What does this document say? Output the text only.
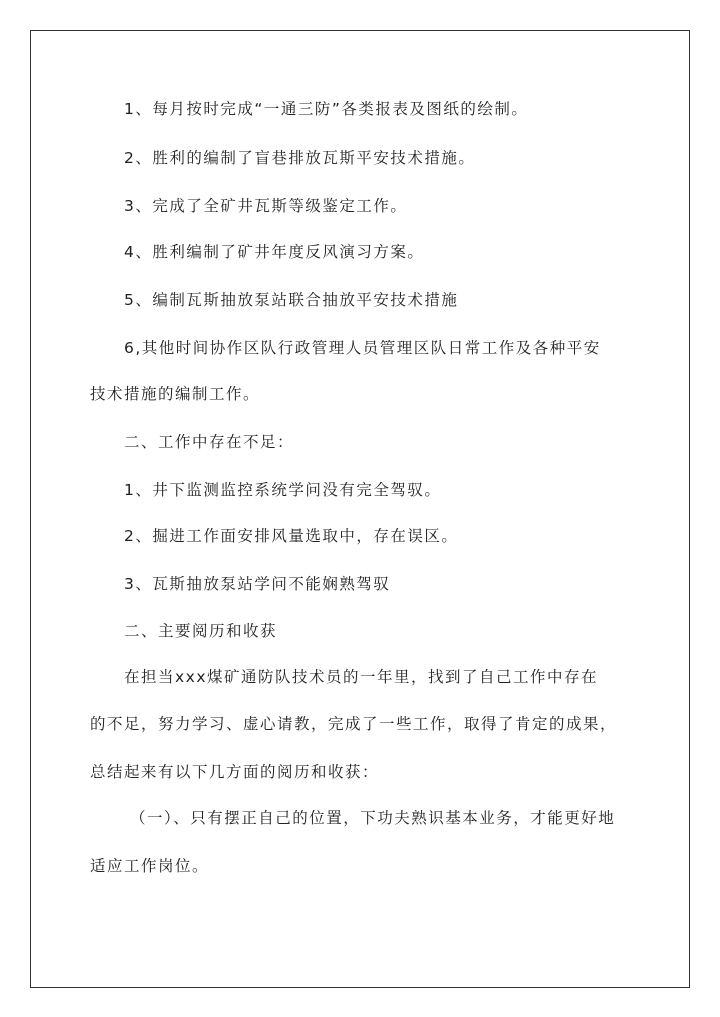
1、每月按时完成“一通三防”各类报表及图纸的绘制。
2、胜利的编制了盲巷排放瓦斯平安技术措施。
3、完成了全矿井瓦斯等级鉴定工作。
4、胜利编制了矿井年度反风演习方案。
5、编制瓦斯抽放泵站联合抽放平安技术措施
6,其他时间协作区队行政管理人员管理区队日常工作及各种平安
技术措施的编制工作。
二、工作中存在不足：
1、井下监测监控系统学问没有完全驾驭。
2、掘进工作面安排风量选取中，存在误区。
3、瓦斯抽放泵站学问不能娴熟驾驭
二、主要阅历和收获
在担当xxx煤矿通防队技术员的一年里，找到了自己工作中存在
的不足，努力学习、虚心请教，完成了一些工作，取得了肯定的成果，
总结起来有以下几方面的阅历和收获：
（一）、只有摆正自己的位置，下功夫熟识基本业务，才能更好地
适应工作岗位。
